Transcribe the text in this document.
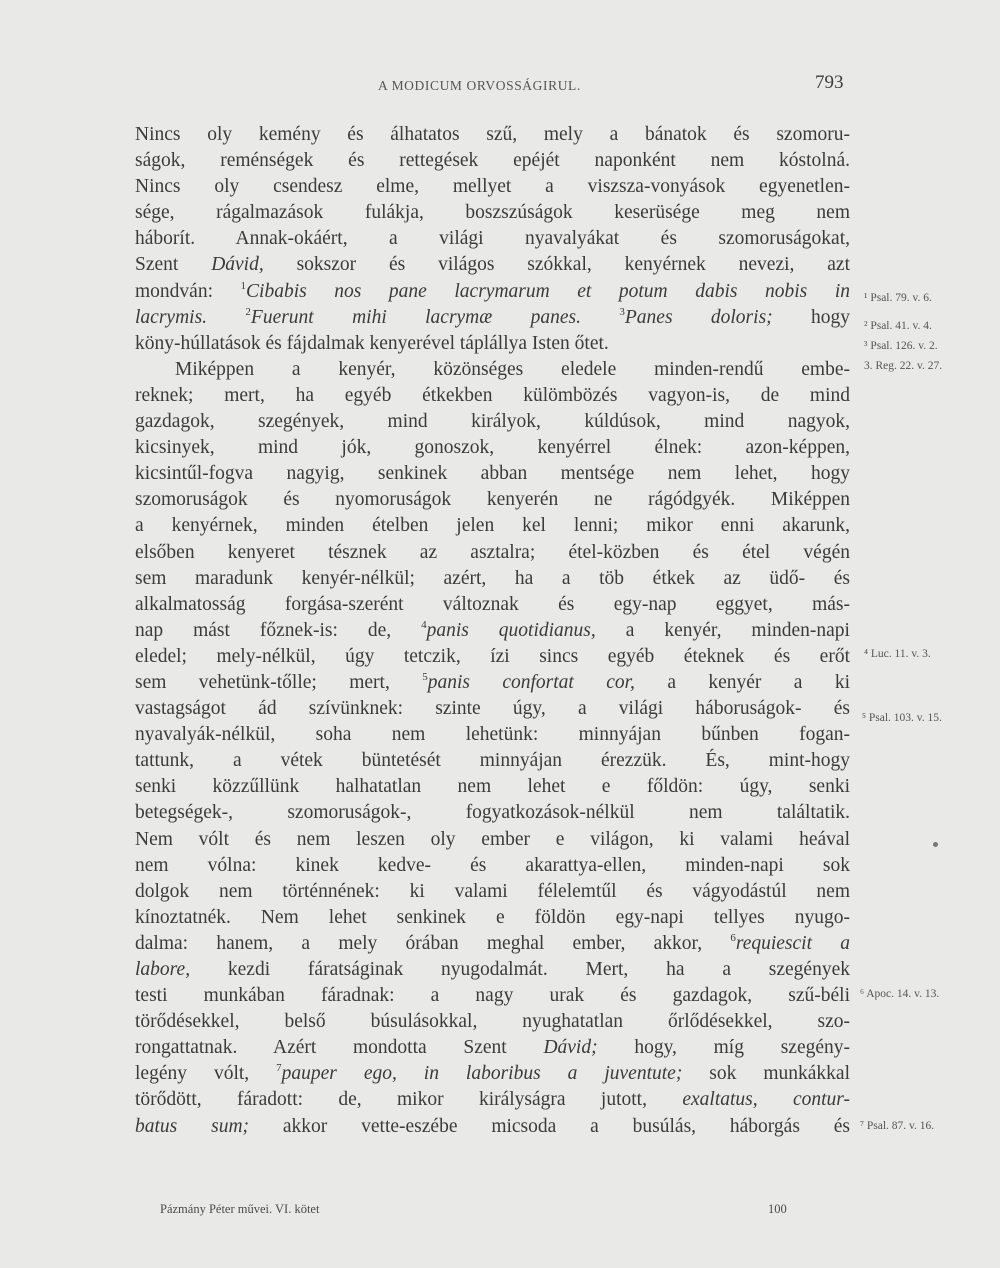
A MODICUM ORVOSSÁGIRUL.	793
Nincs oly kemény és álhatatos szű, mely a bánatok és szomoru-
ságok, reménségek és rettegések epéjét naponként nem kóstolná.
Nincs oly csendesz elme, mellyet a viszsza-vonyások egyenetlen-
sége, rágalmazások fulákja, boszszúságok keserüsége meg nem
háborít. Annak-okáért, a világi nyavalyákat és szomoruságokat,
Szent Dávid, sokszor és világos szókkal, kenyérnek nevezi, azt
mondván: $^1$Cibabis nos pane lacrymarum et potum dabis nobis in
lacrymis. $^2$Fuerunt mihi lacrymæ panes. $^3$Panes doloris; hogy
köny-húllatások és fájdalmak kenyerével táplállya Isten őtet.
Miképpen a kenyér, közönséges eledele minden-rendű embe-
reknek; mert, ha egyéb étkekben külömbözés vagyon-is, de mind
gazdagok, szegények, mind királyok, kúldúsok, mind nagyok,
kicsinyek, mind jók, gonoszok, kenyérrel élnek: azon-képpen,
kicsintűl-fogva nagyig, senkinek abban mentsége nem lehet, hogy
szomoruságok és nyomoruságok kenyerén ne rágódgyék. Miképpen
a kenyérnek, minden ételben jelen kel lenni; mikor enni akarunk,
elsőben kenyeret tésznek az asztalra; étel-közben és étel végén
sem maradunk kenyér-nélkül; azért, ha a töb étkek az üdő- és
alkalmatosság forgása-szerént változnak és egy-nap eggyet, más-
nap mást főznek-is: de, $^4$panis quotidianus, a kenyér, minden-napi
eledel; mely-nélkül, úgy tetczik, ízi sincs egyéb éteknek és erőt
sem vehetünk-tőlle; mert, $^5$panis confortat cor, a kenyér a ki
vastagságot ád szívünknek: szinte úgy, a világi háboruságok- és
nyavalyák-nélkül, soha nem lehetünk: minnyájan bűnben fogan-
tattunk, a vétek büntetését minnyájan érezzük. És, mint-hogy
senki közzűllünk halhatatlan nem lehet e főldön: úgy, senki
betegségek-, szomoruságok-, fogyatkozások-nélkül nem találtatik.
Nem vólt és nem leszen oly ember e világon, ki valami heával
nem vólna: kinek kedve- és akarattya-ellen, minden-napi sok
dolgok nem történnének: ki valami félelemtűl és vágyodástúl nem
kínoztatnék. Nem lehet senkinek e földön egy-napi tellyes nyugo-
dalma: hanem, a mely órában meghal ember, akkor, $^6$requiescit a
labore, kezdi fáratságinak nyugodalmát. Mert, ha a szegények
testi munkában fáradnak: a nagy urak és gazdagok, szű-béli
törődésekkel, belső búsulásokkal, nyughatatlan őrlődésekkel, szo-
rongattatnak. Azért mondotta Szent Dávid; hogy, míg szegény-
legény vólt, $^7$pauper ego, in laboribus a juventute; sok munkákkal
törődött, fáradott: de, mikor királyságra jutott, exaltatus, contur-
batus sum; akkor vette-eszébe micsoda a busúlás, háborgás és
¹ Psal. 79. v. 6.
² Psal. 41. v. 4.
³ Psal. 126. v. 2.
3. Reg. 22. v. 27.
⁴ Luc. 11. v. 3.
⁵ Psal. 103. v. 15.
⁶ Apoc. 14. v. 13.
⁷ Psal. 87. v. 16.
Pázmány Péter művei. VI. kötet	100
